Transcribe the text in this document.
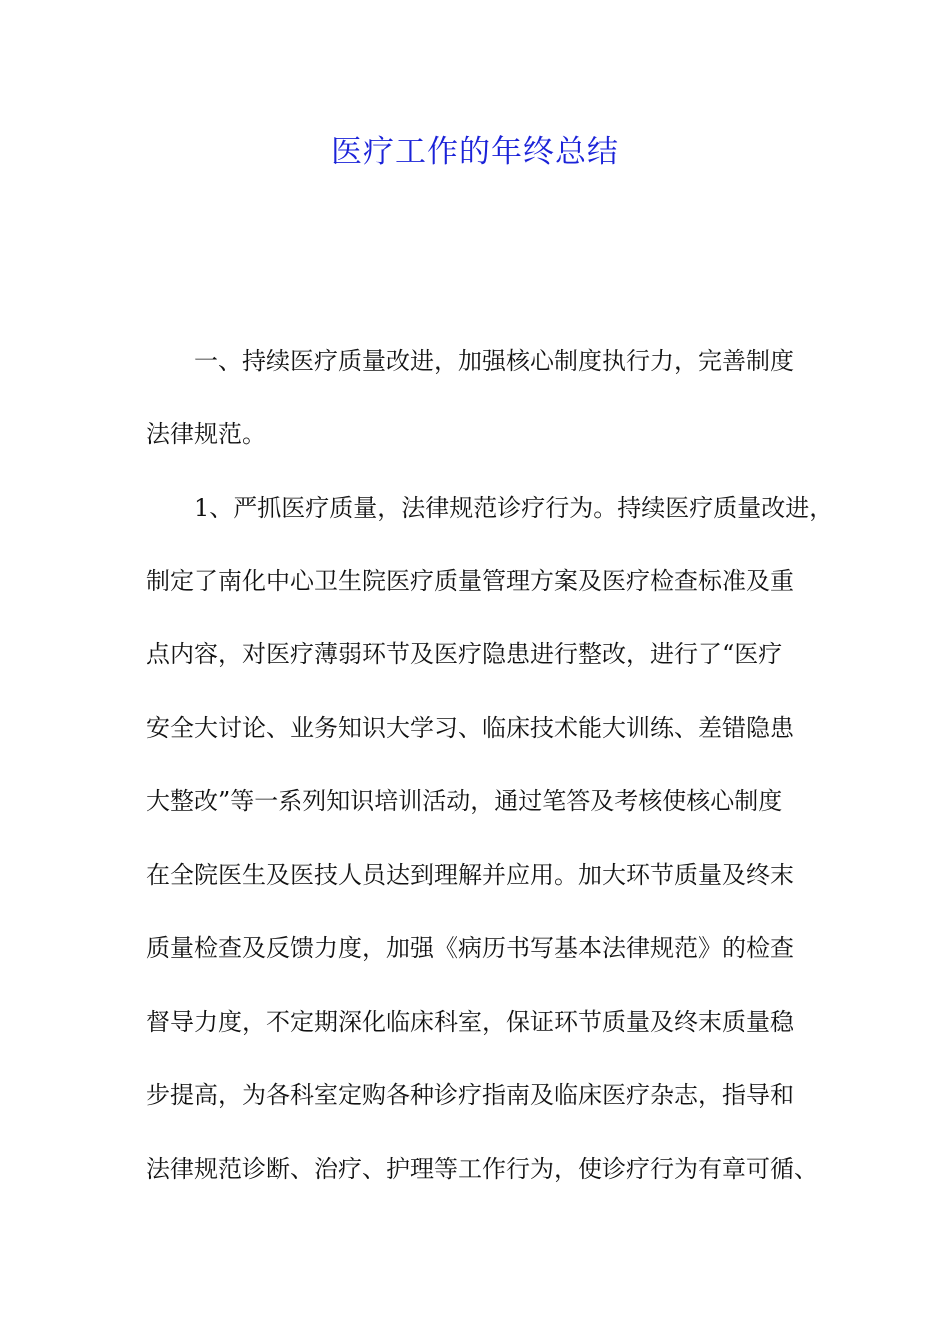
医疗工作的年终总结
一、持续医疗质量改进，加强核心制度执行力，完善制度
法律规范。
1、严抓医疗质量，法律规范诊疗行为。持续医疗质量改进，
制定了南化中心卫生院医疗质量管理方案及医疗检查标准及重
点内容，对医疗薄弱环节及医疗隐患进行整改，进行了“医疗
安全大讨论、业务知识大学习、临床技术能大训练、差错隐患
大整改”等一系列知识培训活动，通过笔答及考核使核心制度
在全院医生及医技人员达到理解并应用。加大环节质量及终末
质量检查及反馈力度，加强《病历书写基本法律规范》的检查
督导力度，不定期深化临床科室，保证环节质量及终末质量稳
步提高，为各科室定购各种诊疗指南及临床医疗杂志，指导和
法律规范诊断、治疗、护理等工作行为，使诊疗行为有章可循、
